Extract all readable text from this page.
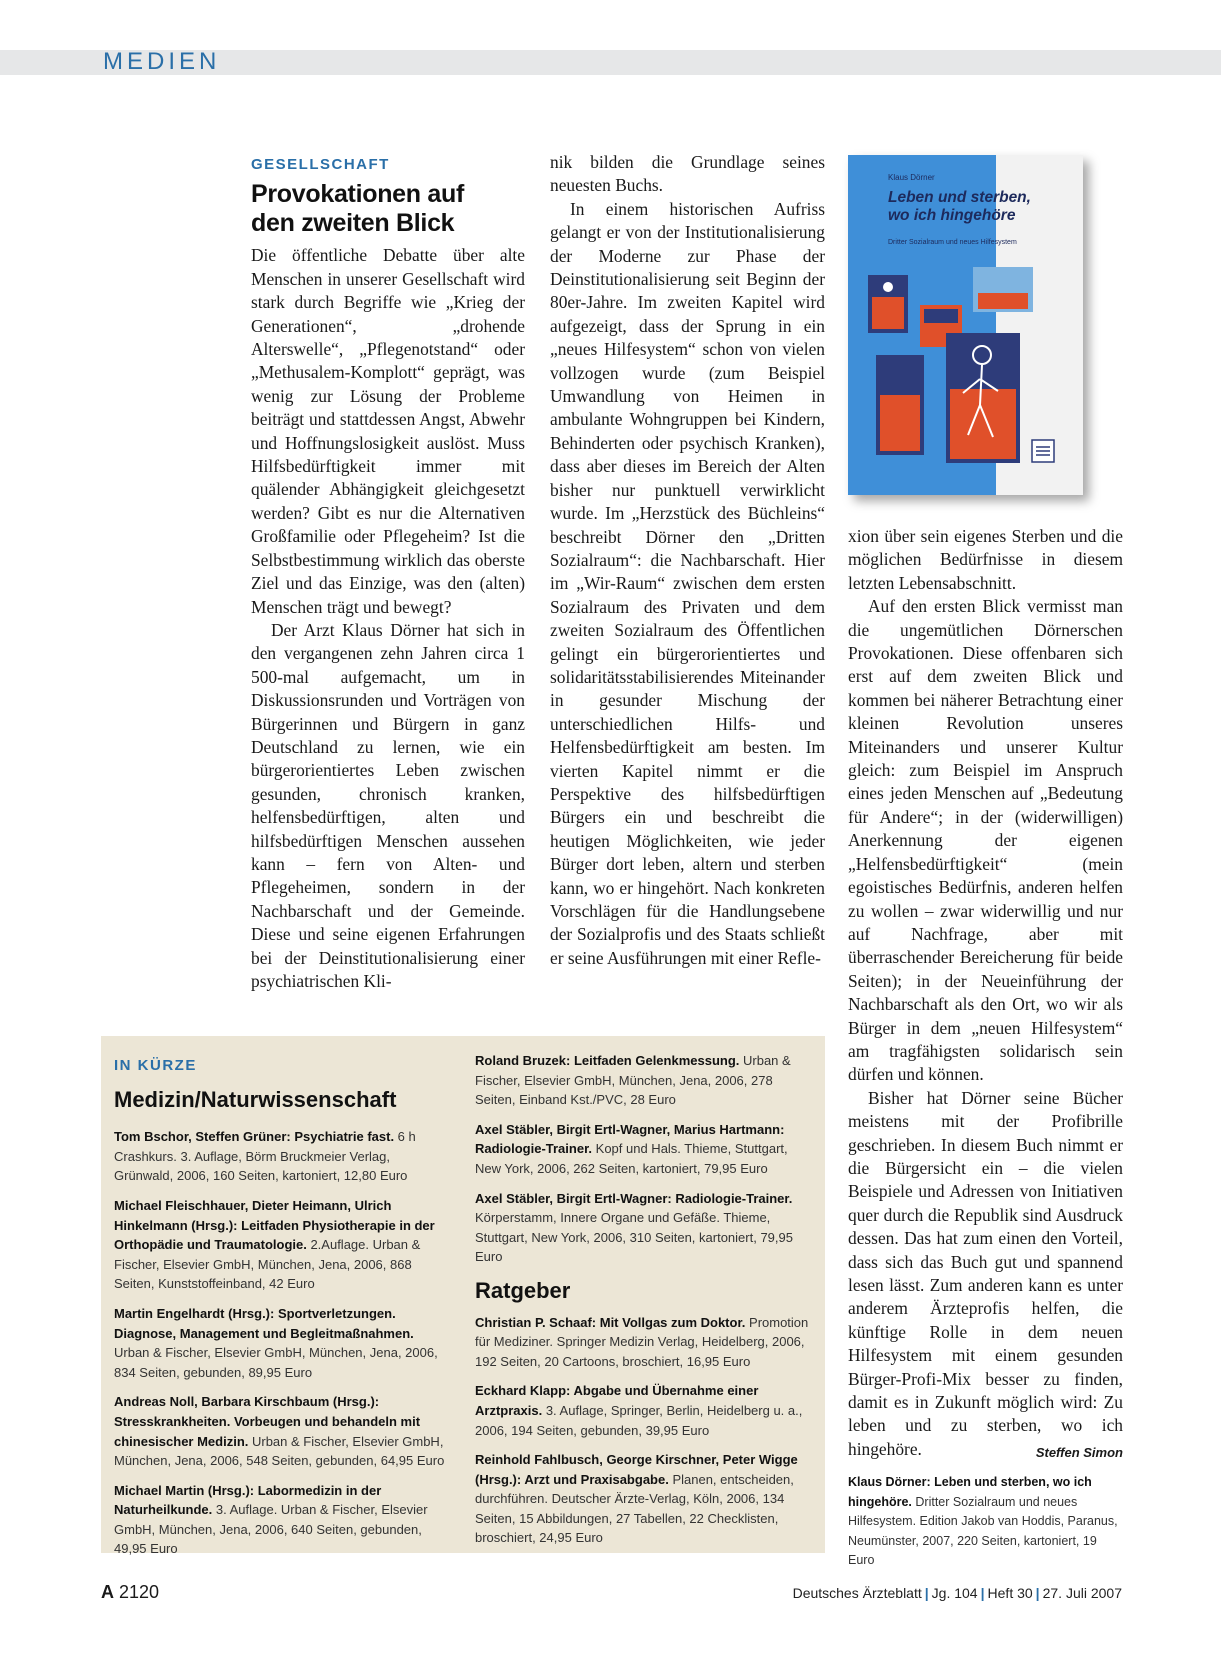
MEDIEN
GESELLSCHAFT
Provokationen auf
den zweiten Blick

Die öffentliche Debatte über alte Menschen in unserer Gesellschaft wird stark durch Begriffe wie „Krieg der Generationen“, „drohende Alterswelle“, „Pflegenotstand“ oder „Methusalem-Komplott“ geprägt, was wenig zur Lösung der Probleme beiträgt und stattdessen Angst, Abwehr und Hoffnungslosigkeit auslöst. Muss Hilfsbedürftigkeit immer mit quälender Abhängigkeit gleichgesetzt werden? Gibt es nur die Alternativen Großfamilie oder Pflegeheim? Ist die Selbstbestimmung wirklich das oberste Ziel und das Einzige, was den (alten) Menschen trägt und bewegt?

Der Arzt Klaus Dörner hat sich in den vergangenen zehn Jahren circa 1 500-mal aufgemacht, um in Diskussionsrunden und Vorträgen von Bürgerinnen und Bürgern in ganz Deutschland zu lernen, wie ein bürgerorientiertes Leben zwischen gesunden, chronisch kranken, helfensbedürftigen, alten und hilfsbedürftigen Menschen aussehen kann – fern von Alten- und Pflegeheimen, sondern in der Nachbarschaft und der Gemeinde. Diese und seine eigenen Erfahrungen bei der Deinstitutionalisierung einer psychiatrischen Kli-

nik bilden die Grundlage seines neuesten Buchs.

In einem historischen Aufriss gelangt er von der Institutionalisierung der Moderne zur Phase der Deinstitutionalisierung seit Beginn der 80er-Jahre. Im zweiten Kapitel wird aufgezeigt, dass der Sprung in ein „neues Hilfesystem“ schon von vielen vollzogen wurde (zum Beispiel Umwandlung von Heimen in ambulante Wohngruppen bei Kindern, Behinderten oder psychisch Kranken), dass aber dieses im Bereich der Alten bisher nur punktuell verwirklicht wurde. Im „Herzstück des Büchleins“ beschreibt Dörner den „Dritten Sozialraum“: die Nachbarschaft. Hier im „Wir-Raum“ zwischen dem ersten Sozialraum des Privaten und dem zweiten Sozialraum des Öffentlichen gelingt ein bürgerorientiertes und solidaritätsstabilisierendes Miteinander in gesunder Mischung der unterschiedlichen Hilfs- und Helfensbedürftigkeit am besten. Im vierten Kapitel nimmt er die Perspektive des hilfsbedürftigen Bürgers ein und beschreibt die heutigen Möglichkeiten, wie jeder Bürger dort leben, altern und sterben kann, wo er hingehört. Nach konkreten Vorschlägen für die Handlungsebene der Sozialprofis und des Staats schließt er seine Ausführungen mit einer Refle-

Klaus Dörner
Leben und sterben,
wo ich hingehöre
Dritter Sozialraum und neues Hilfesystem

xion über sein eigenes Sterben und die möglichen Bedürfnisse in diesem letzten Lebensabschnitt.

Auf den ersten Blick vermisst man die ungemütlichen Dörnerschen Provokationen. Diese offenbaren sich erst auf dem zweiten Blick und kommen bei näherer Betrachtung einer kleinen Revolution unseres Miteinanders und unserer Kultur gleich: zum Beispiel im Anspruch eines jeden Menschen auf „Bedeutung für Andere“; in der (widerwilligen) Anerkennung der eigenen „Helfensbedürftigkeit“ (mein egoistisches Bedürfnis, anderen helfen zu wollen – zwar widerwillig und nur auf Nachfrage, aber mit überraschender Bereicherung für beide Seiten); in der Neueinführung der Nachbarschaft als den Ort, wo wir als Bürger in dem „neuen Hilfesystem“ am tragfähigsten solidarisch sein dürfen und können.

Bisher hat Dörner seine Bücher meistens mit der Profibrille geschrieben. In diesem Buch nimmt er die Bürgersicht ein – die vielen Beispiele und Adressen von Initiativen quer durch die Republik sind Ausdruck dessen. Das hat zum einen den Vorteil, dass sich das Buch gut und spannend lesen lässt. Zum anderen kann es unter anderem Ärzteprofis helfen, die künftige Rolle in dem neuen Hilfesystem mit einem gesunden Bürger-Profi-Mix besser zu finden, damit es in Zukunft möglich wird: Zu leben und zu sterben, wo ich hingehöre.	Steffen Simon

Klaus Dörner: Leben und sterben, wo ich hingehöre. Dritter Sozialraum und neues Hilfesystem. Edition Jakob van Hoddis, Paranus, Neumünster, 2007, 220 Seiten, kartoniert, 19 Euro
IN KÜRZE
Medizin/Naturwissenschaft
Tom Bschor, Steffen Grüner: Psychiatrie fast. 6 h Crashkurs. 3. Auflage, Börm Bruckmeier Verlag, Grünwald, 2006, 160 Seiten, kartoniert, 12,80 Euro
Michael Fleischhauer, Dieter Heimann, Ulrich Hinkelmann (Hrsg.): Leitfaden Physiotherapie in der Orthopädie und Traumatologie. 2.Auflage. Urban & Fischer, Elsevier GmbH, München, Jena, 2006, 868 Seiten, Kunststoffeinband, 42 Euro
Martin Engelhardt (Hrsg.): Sportverletzungen. Diagnose, Management und Begleitmaßnahmen. Urban & Fischer, Elsevier GmbH, München, Jena, 2006, 834 Seiten, gebunden, 89,95 Euro
Andreas Noll, Barbara Kirschbaum (Hrsg.): Stresskrankheiten. Vorbeugen und behandeln mit chinesischer Medizin. Urban & Fischer, Elsevier GmbH, München, Jena, 2006, 548 Seiten, gebunden, 64,95 Euro
Michael Martin (Hrsg.): Labormedizin in der Naturheilkunde. 3. Auflage. Urban & Fischer, Elsevier GmbH, München, Jena, 2006, 640 Seiten, gebunden, 49,95 Euro
Roland Bruzek: Leitfaden Gelenkmessung. Urban & Fischer, Elsevier GmbH, München, Jena, 2006, 278 Seiten, Einband Kst./PVC, 28 Euro
Axel Stäbler, Birgit Ertl-Wagner, Marius Hartmann: Radiologie-Trainer. Kopf und Hals. Thieme, Stuttgart, New York, 2006, 262 Seiten, kartoniert, 79,95 Euro
Axel Stäbler, Birgit Ertl-Wagner: Radiologie-Trainer. Körperstamm, Innere Organe und Gefäße. Thieme, Stuttgart, New York, 2006, 310 Seiten, kartoniert, 79,95 Euro
Ratgeber
Christian P. Schaaf: Mit Vollgas zum Doktor. Promotion für Mediziner. Springer Medizin Verlag, Heidelberg, 2006, 192 Seiten, 20 Cartoons, broschiert, 16,95 Euro
Eckhard Klapp: Abgabe und Übernahme einer Arztpraxis. 3. Auflage, Springer, Berlin, Heidelberg u. a., 2006, 194 Seiten, gebunden, 39,95 Euro
Reinhold Fahlbusch, George Kirschner, Peter Wigge (Hrsg.): Arzt und Praxisabgabe. Planen, entscheiden, durchführen. Deutscher Ärzte-Verlag, Köln, 2006, 134 Seiten, 15 Abbildungen, 27 Tabellen, 22 Checklisten, broschiert, 24,95 Euro
A 2120	Deutsches Ärzteblatt | Jg. 104 | Heft 30 | 27. Juli 2007
